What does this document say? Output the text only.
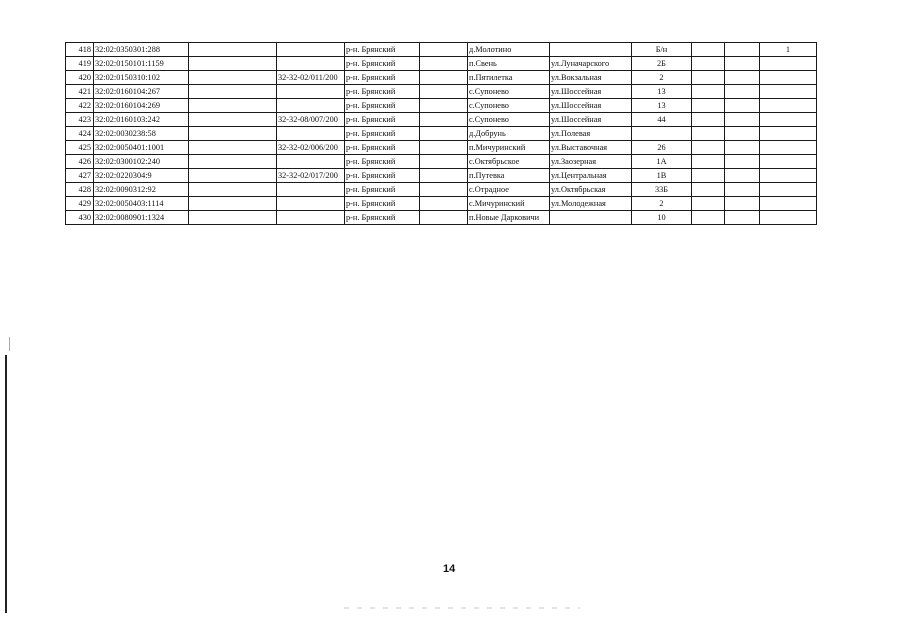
418	32:02:0350301:288			р-н. Брянский		д.Молотино		Б/н			1
419	32:02:0150101:1159			р-н. Брянский		п.Свень	ул.Луначарского	2Б			
420	32:02:0150310:102		32-32-02/011/200	р-н. Брянский		п.Пятилетка	ул.Вокзальная	2			
421	32:02:0160104:267			р-н. Брянский		с.Супонево	ул.Шоссейная	13			
422	32:02:0160104:269			р-н. Брянский		с.Супонево	ул.Шоссейная	13			
423	32:02:0160103:242		32-32-08/007/200	р-н. Брянский		с.Супонево	ул.Шоссейная	44			
424	32:02:0030238:58			р-н. Брянский		д.Добрунь	ул.Полевая				
425	32:02:0050401:1001		32-32-02/006/200	р-н. Брянский		п.Мичуринский	ул.Выставочная	26			
426	32:02:0300102:240			р-н. Брянский		с.Октябрьское	ул.Заозерная	1А			
427	32:02:0220304:9		32-32-02/017/200	р-н. Брянский		п.Путевка	ул.Центральная	1В			
428	32:02:0090312:92			р-н. Брянский		с.Отрадное	ул.Октябрьская	33Б			
429	32:02:0050403:1114			р-н. Брянский		с.Мичуринский	ул.Молодежная	2			
430	32:02:0080901:1324			р-н. Брянский		п.Новые Дарковичи		10			
14
